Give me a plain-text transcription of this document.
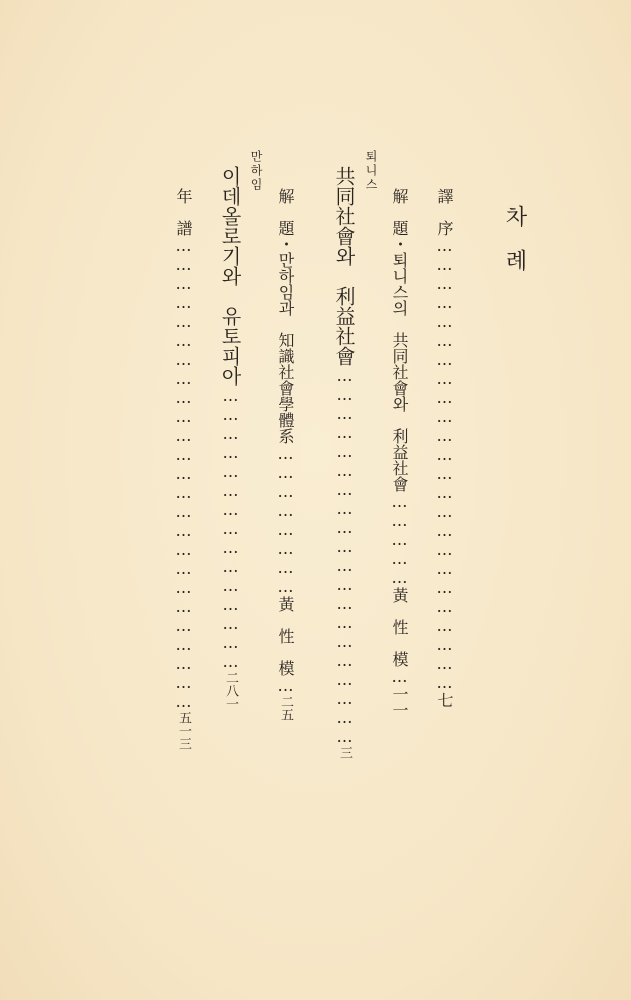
차례
譯　序………………………………………………………………七
解　題・퇴니스의　共同社會와　利益社會……………黃　性　模…一一
퇴니스
共同社會와　利益社會……………………………………………………三
解　題・만하임과　知識社會學體系……………………黃　性　模…二五
만하임
이데올로기와　유토피아………………………………………二八一
年　譜…………………………………………………………………五一三
